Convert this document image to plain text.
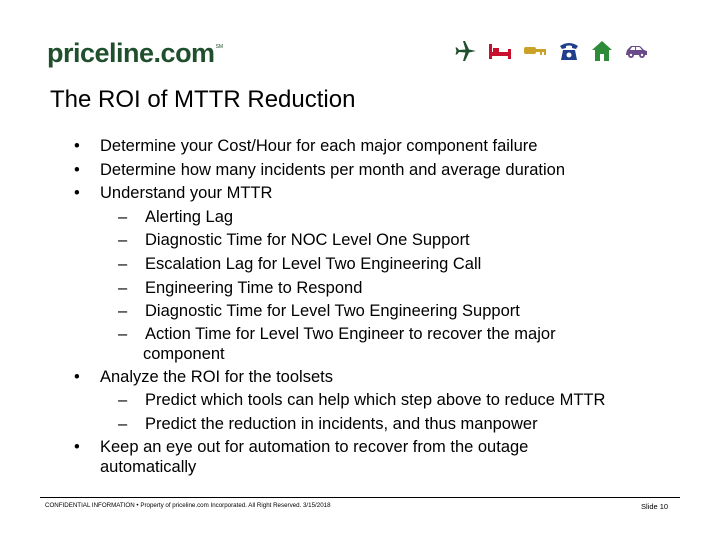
priceline.com SM
The ROI of MTTR Reduction
• Determine your Cost/Hour for each major component failure
• Determine how many incidents per month and average duration
• Understand your MTTR
– Alerting Lag
– Diagnostic Time for NOC Level One Support
– Escalation Lag for Level Two Engineering Call
– Engineering Time to Respond
– Diagnostic Time for Level Two Engineering Support
– Action Time for Level Two Engineer to recover the major
component
• Analyze the ROI for the toolsets
– Predict which tools can help which step above to reduce MTTR
– Predict the reduction in incidents, and thus manpower
• Keep an eye out for automation to recover from the outage
automatically
CONFIDENTIAL INFORMATION • Property of priceline.com Incorporated. All Right Reserved. 3/15/2018	Slide 10
